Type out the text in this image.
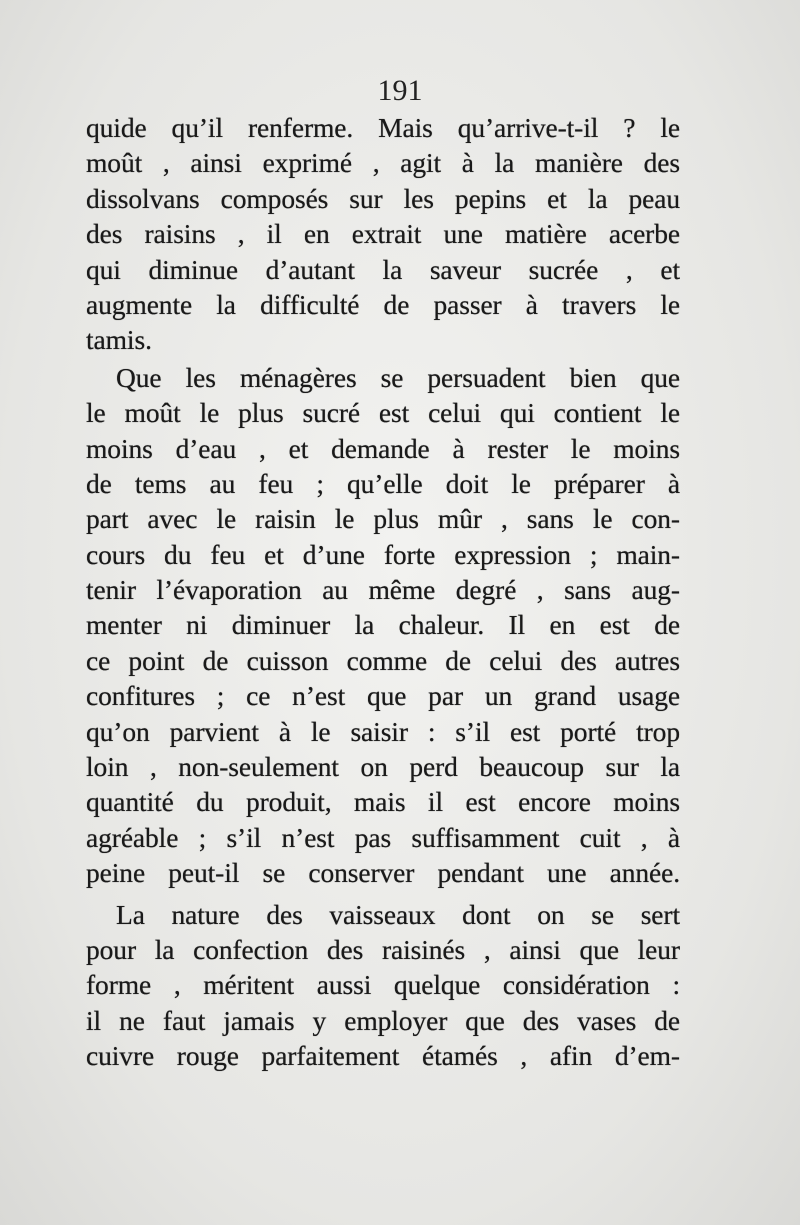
191
quide qu’il renferme. Mais qu’arrive-t-il ? le
moût , ainsi exprimé , agit à la manière des
dissolvans composés sur les pepins et la peau
des raisins , il en extrait une matière acerbe
qui diminue d’autant la saveur sucrée , et
augmente la difficulté de passer à travers le
tamis.
Que les ménagères se persuadent bien que
le moût le plus sucré est celui qui contient le
moins d’eau , et demande à rester le moins
de tems au feu ; qu’elle doit le préparer à
part avec le raisin le plus mûr , sans le con-
cours du feu et d’une forte expression ; main-
tenir l’évaporation au même degré , sans aug-
menter ni diminuer la chaleur. Il en est de
ce point de cuisson comme de celui des autres
confitures ; ce n’est que par un grand usage
qu’on parvient à le saisir : s’il est porté trop
loin , non-seulement on perd beaucoup sur la
quantité du produit, mais il est encore moins
agréable ; s’il n’est pas suffisamment cuit , à
peine peut-il se conserver pendant une année.
La nature des vaisseaux dont on se sert
pour la confection des raisinés , ainsi que leur
forme , méritent aussi quelque considération :
il ne faut jamais y employer que des vases de
cuivre rouge parfaitement étamés , afin d’em-
